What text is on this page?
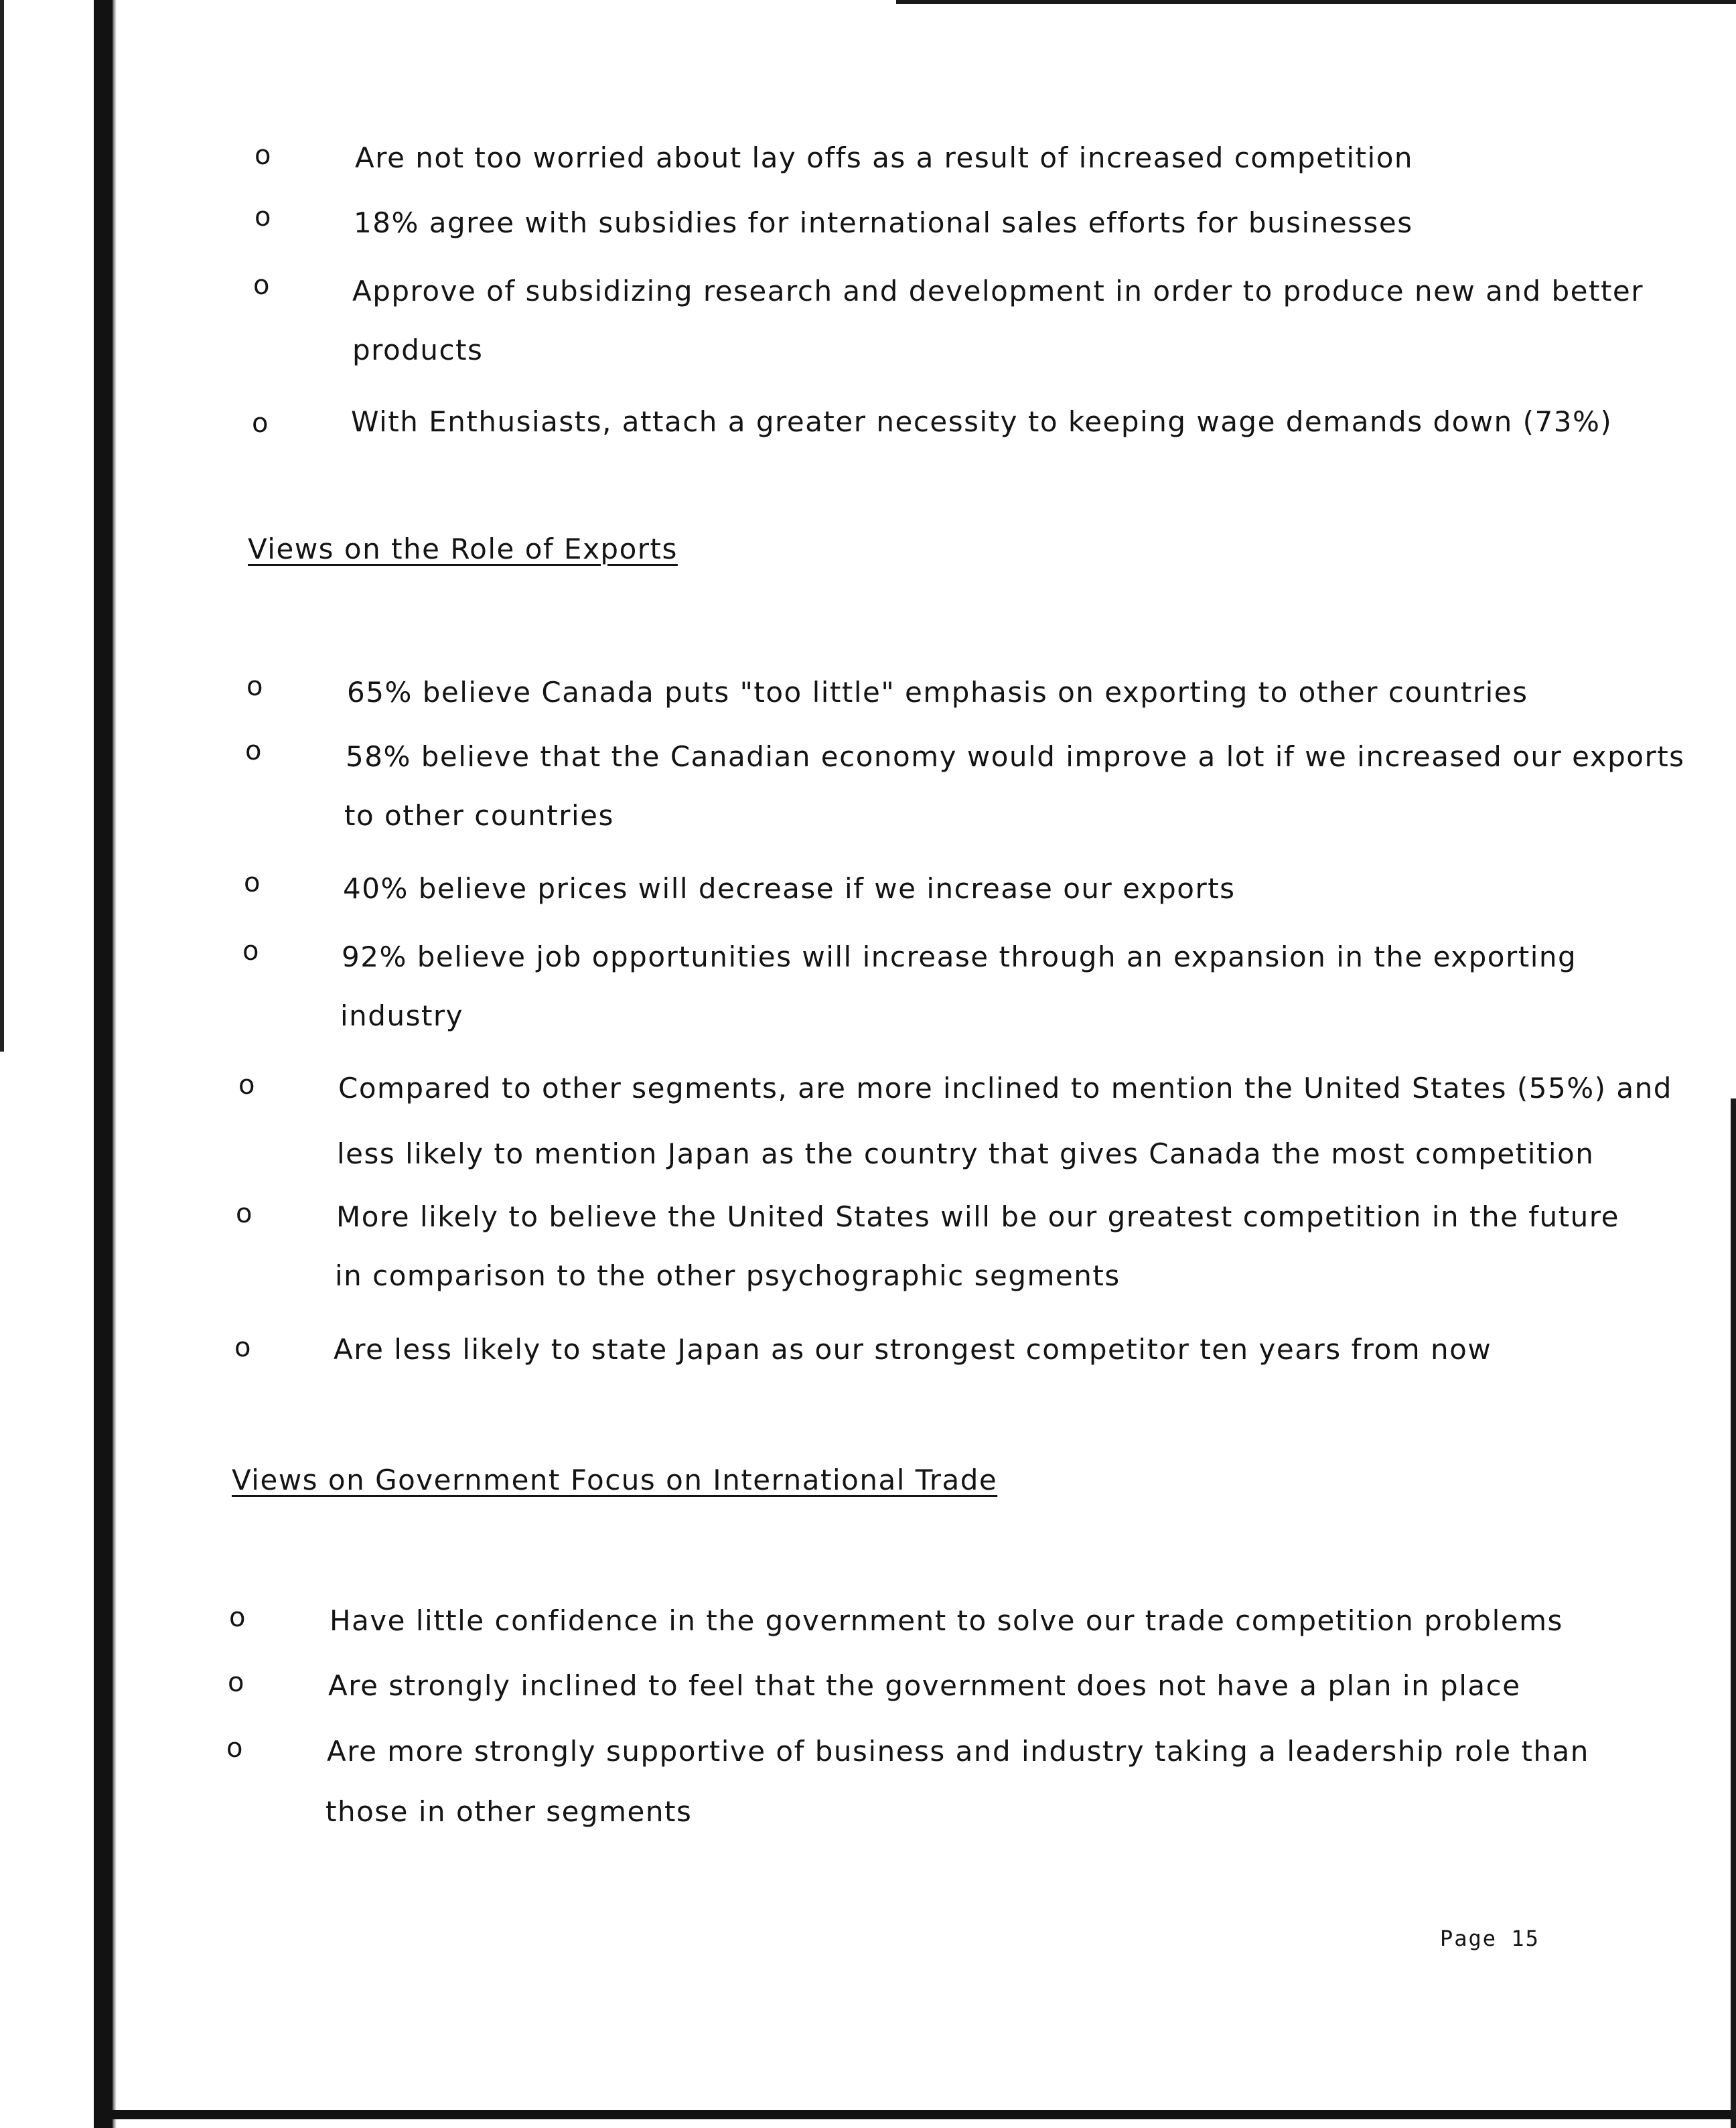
o	Are not too worried about lay offs as a result of increased competition
o	18% agree with subsidies for international sales efforts for businesses
o	Approve of subsidizing research and development in order to produce new and better
products
o	With Enthusiasts, attach a greater necessity to keeping wage demands down (73%)
Views on the Role of Exports
o	65% believe Canada puts "too little" emphasis on exporting to other countries
o	58% believe that the Canadian economy would improve a lot if we increased our exports
to other countries
o	40% believe prices will decrease if we increase our exports
o	92% believe job opportunities will increase through an expansion in the exporting
industry
o	Compared to other segments, are more inclined to mention the United States (55%) and
less likely to mention Japan as the country that gives Canada the most competition
o	More likely to believe the United States will be our greatest competition in the future
in comparison to the other psychographic segments
o	Are less likely to state Japan as our strongest competitor ten years from now
Views on Government Focus on International Trade
o	Have little confidence in the government to solve our trade competition problems
o	Are strongly inclined to feel that the government does not have a plan in place
o	Are more strongly supportive of business and industry taking a leadership role than
those in other segments
Page 15
